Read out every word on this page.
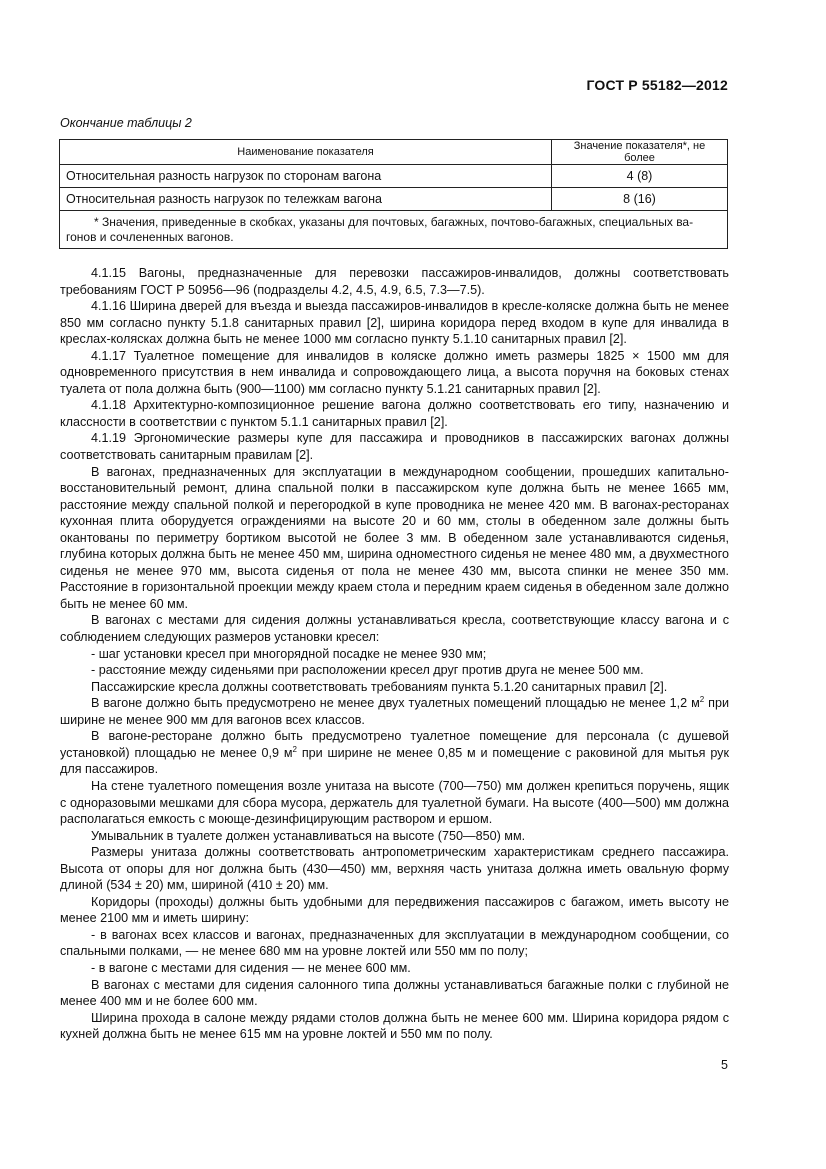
ГОСТ Р 55182—2012
Окончание таблицы 2
Наименование показателя	Значение показателя*, не более
Относительная разность нагрузок по сторонам вагона	4 (8)
Относительная разность нагрузок по тележкам вагона	8 (16)
* Значения, приведенные в скобках, указаны для почтовых, багажных, почтово-багажных, специальных ва-
гонов и сочлененных вагонов.	

4.1.15 Вагоны, предназначенные для перевозки пассажиров-инвалидов, должны соответствовать требованиям ГОСТ Р 50956—96 (подразделы 4.2, 4.5, 4.9, 6.5, 7.3—7.5).

4.1.16 Ширина дверей для въезда и выезда пассажиров-инвалидов в кресле-коляске должна быть не менее 850 мм согласно пункту 5.1.8 санитарных правил [2], ширина коридора перед входом в купе для инвалида в креслах-колясках должна быть не менее 1000 мм согласно пункту 5.1.10 санитарных правил [2].

4.1.17 Туалетное помещение для инвалидов в коляске должно иметь размеры 1825 × 1500 мм для одновременного присутствия в нем инвалида и сопровождающего лица, а высота поручня на боковых стенах туалета от пола должна быть (900—1100) мм согласно пункту 5.1.21 санитарных правил [2].

4.1.18 Архитектурно-композиционное решение вагона должно соответствовать его типу, назначению и классности в соответствии с пунктом 5.1.1 санитарных правил [2].

4.1.19 Эргономические размеры купе для пассажира и проводников в пассажирских вагонах должны соответствовать санитарным правилам [2].

В вагонах, предназначенных для эксплуатации в международном сообщении, прошедших капитально-восстановительный ремонт, длина спальной полки в пассажирском купе должна быть не менее 1665 мм, расстояние между спальной полкой и перегородкой в купе проводника не менее 420 мм. В вагонах-ресторанах кухонная плита оборудуется ограждениями на высоте 20 и 60 мм, столы в обеденном зале должны быть окантованы по периметру бортиком высотой не более 3 мм. В обеденном зале устанавливаются сиденья, глубина которых должна быть не менее 450 мм, ширина одноместного сиденья не менее 480 мм, а двухместного сиденья не менее 970 мм, высота сиденья от пола не менее 430 мм, высота спинки не менее 350 мм. Расстояние в горизонтальной проекции между краем стола и передним краем сиденья в обеденном зале должно быть не менее 60 мм.

В вагонах с местами для сидения должны устанавливаться кресла, соответствующие классу вагона и с соблюдением следующих размеров установки кресел:

- шаг установки кресел при многорядной посадке не менее 930 мм;

- расстояние между сиденьями при расположении кресел друг против друга не менее 500 мм.

Пассажирские кресла должны соответствовать требованиям пункта 5.1.20 санитарных правил [2].

В вагоне должно быть предусмотрено не менее двух туалетных помещений площадью не менее 1,2 $м^2$ при ширине не менее 900 мм для вагонов всех классов.

В вагоне-ресторане должно быть предусмотрено туалетное помещение для персонала (с душевой установкой) площадью не менее 0,9 $м^2$ при ширине не менее 0,85 м и помещение с раковиной для мытья рук для пассажиров.

На стене туалетного помещения возле унитаза на высоте (700—750) мм должен крепиться поручень, ящик с одноразовыми мешками для сбора мусора, держатель для туалетной бумаги. На высоте (400—500) мм должна располагаться емкость с моюще-дезинфицирующим раствором и ершом.

Умывальник в туалете должен устанавливаться на высоте (750—850) мм.

Размеры унитаза должны соответствовать антропометрическим характеристикам среднего пассажира. Высота от опоры для ног должна быть (430—450) мм, верхняя часть унитаза должна иметь овальную форму длиной (534 ± 20) мм, шириной (410 ± 20) мм.

Коридоры (проходы) должны быть удобными для передвижения пассажиров с багажом, иметь высоту не менее 2100 мм и иметь ширину:

- в вагонах всех классов и вагонах, предназначенных для эксплуатации в международном сообщении, со спальными полками, — не менее 680 мм на уровне локтей или 550 мм по полу;

- в вагоне с местами для сидения — не менее 600 мм.

В вагонах с местами для сидения салонного типа должны устанавливаться багажные полки с глубиной не менее 400 мм и не более 600 мм.

Ширина прохода в салоне между рядами столов должна быть не менее 600 мм. Ширина коридора рядом с кухней должна быть не менее 615 мм на уровне локтей и 550 мм по полу.

5
